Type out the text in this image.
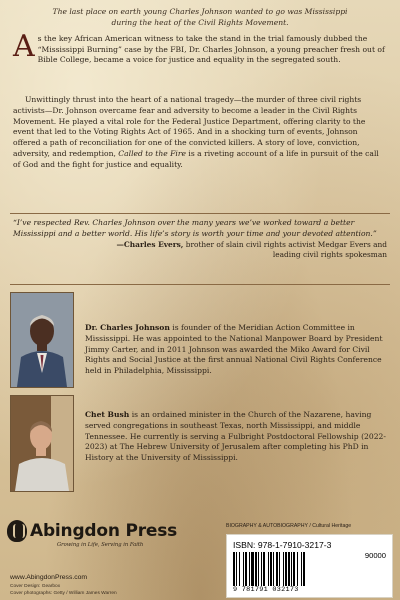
The last place on earth young Charles Johnson wanted to go was Mississippi during the heat of the Civil Rights Movement.
As the key African American witness to take the stand in the trial famously dubbed the “Mississippi Burning” case by the FBI, Dr. Charles Johnson, a young preacher fresh out of Bible College, became a voice for justice and equality in the segregated south.
Unwittingly thrust into the heart of a national tragedy—the murder of three civil rights activists—Dr. Johnson overcame fear and adversity to become a leader in the Civil Rights Movement. He played a vital role for the Federal Justice Department, offering clarity to the event that led to the Voting Rights Act of 1965. And in a shocking turn of events, Johnson offered a path of reconciliation for one of the convicted killers. A story of love, conviction, adversity, and redemption, Called to the Fire is a riveting account of a life in pursuit of the call of God and the fight for justice and equality.
“I’ve respected Rev. Charles Johnson over the many years we’ve worked toward a better Mississippi and a better world. His life’s story is worth your time and your devoted attention.”
—Charles Evers, brother of slain civil rights activist Medgar Evers and leading civil rights spokesman
Dr. Charles Johnson is founder of the Meridian Action Committee in Mississippi. He was appointed to the National Manpower Board by President Jimmy Carter, and in 2011 Johnson was awarded the Miko Award for Civil Rights and Social Justice at the first annual National Civil Rights Conference held in Philadelphia, Mississippi.
Chet Bush is an ordained minister in the Church of the Nazarene, having served congregations in southeast Texas, north Mississippi, and middle Tennessee. He currently is serving a Fulbright Postdoctoral Fellowship (2022-2023) at The Hebrew University of Jerusalem after completing his PhD in History at the University of Mississippi.
Abingdon Press
Growing in Life, Serving in Faith
www.AbingdonPress.com
Cover Design: Gearbox
Cover photographs: Getty / William James Warren
BIOGRAPHY & AUTOBIOGRAPHY / Cultural Heritage
ISBN: 978-1-7910-3217-3
90000
9 781791 032173
